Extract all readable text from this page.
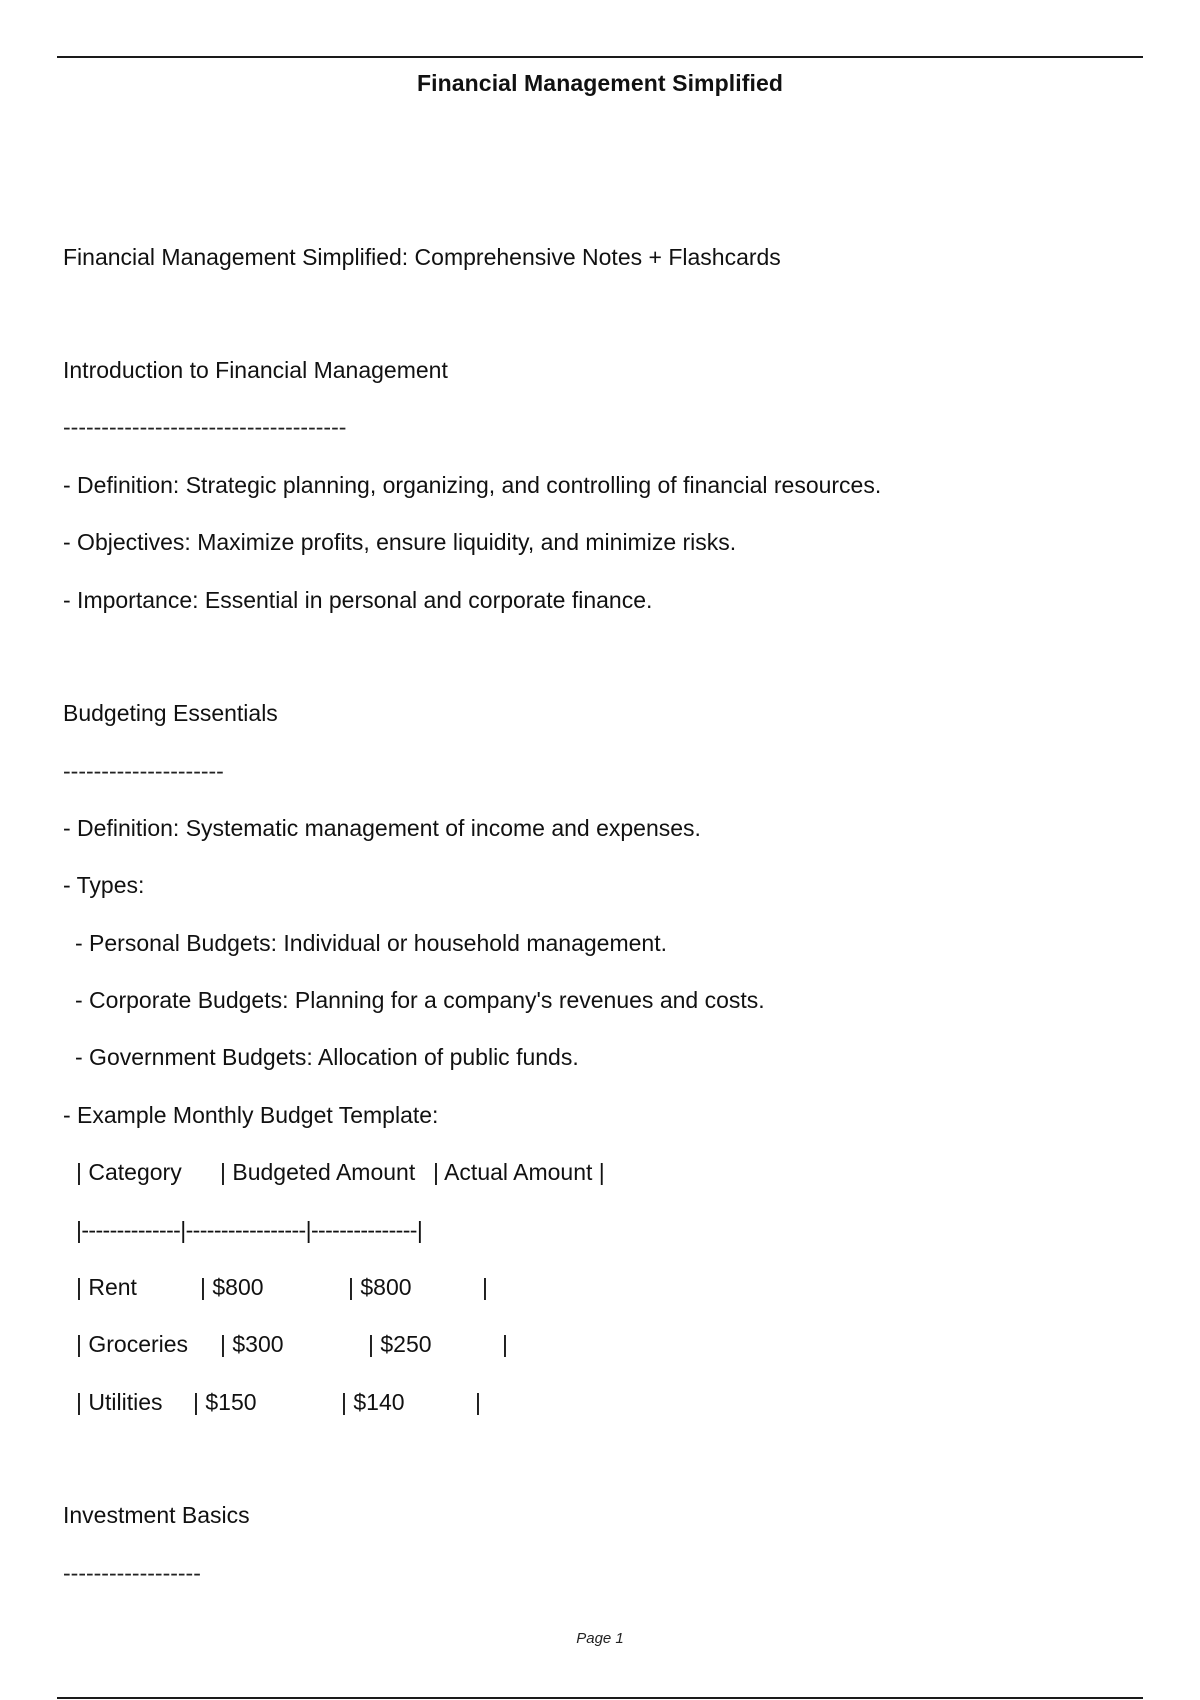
Financial Management Simplified
Financial Management Simplified: Comprehensive Notes + Flashcards
Introduction to Financial Management
-------------------------------------
- Definition: Strategic planning, organizing, and controlling of financial resources.
- Objectives: Maximize profits, ensure liquidity, and minimize risks.
- Importance: Essential in personal and corporate finance.
Budgeting Essentials
---------------------
- Definition: Systematic management of income and expenses.
- Types:
- Personal Budgets: Individual or household management.
- Corporate Budgets: Planning for a company's revenues and costs.
- Government Budgets: Allocation of public funds.
- Example Monthly Budget Template:
| Category | Budgeted Amount | Actual Amount |
|--------------|-----------------|---------------|
| Rent	| $800	| $800	|
| Groceries | $300	| $250	|
| Utilities | $150	| $140	|
Investment Basics
------------------
Page 1
